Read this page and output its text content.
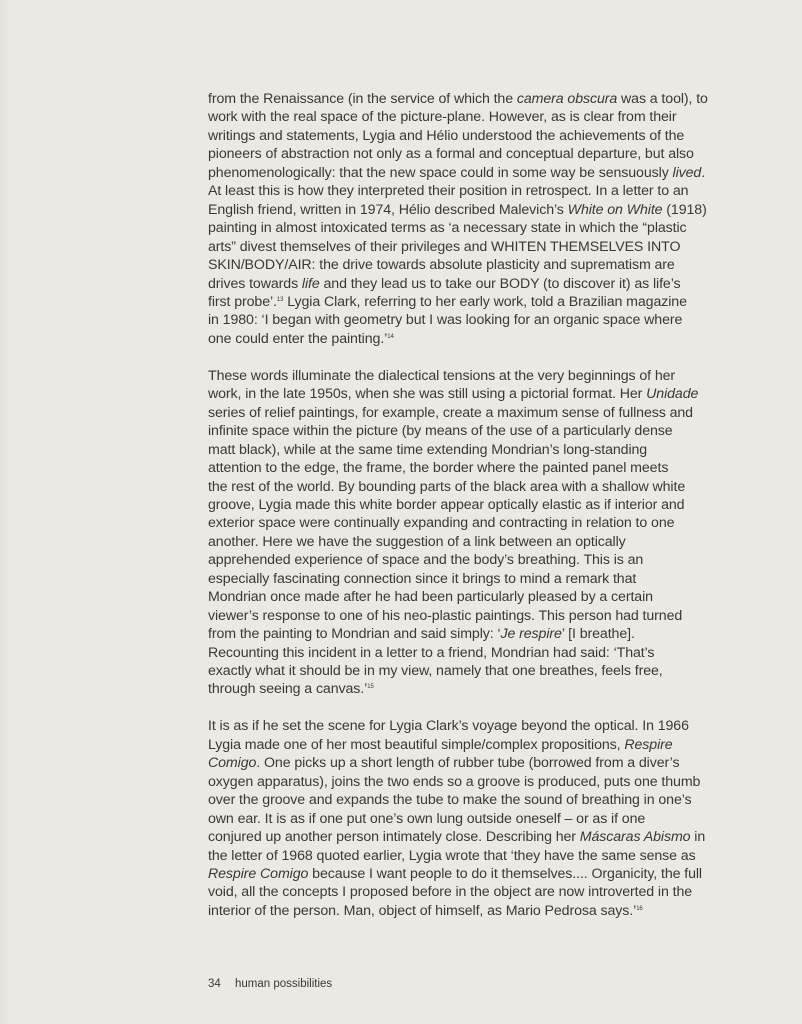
from the Renaissance (in the service of which the camera obscura was a tool), to
work with the real space of the picture-plane. However, as is clear from their
writings and statements, Lygia and Hélio understood the achievements of the
pioneers of abstraction not only as a formal and conceptual departure, but also
phenomenologically: that the new space could in some way be sensuously lived.
At least this is how they interpreted their position in retrospect. In a letter to an
English friend, written in 1974, Hélio described Malevich’s White on White (1918)
painting in almost intoxicated terms as ‘a necessary state in which the “plastic
arts” divest themselves of their privileges and WHITEN THEMSELVES INTO
SKIN/BODY/AIR: the drive towards absolute plasticity and suprematism are
drives towards life and they lead us to take our BODY (to discover it) as life’s
first probe’.$^{13}$ Lygia Clark, referring to her early work, told a Brazilian magazine
in 1980: ‘I began with geometry but I was looking for an organic space where
one could enter the painting.’$^{14}$

These words illuminate the dialectical tensions at the very beginnings of her
work, in the late 1950s, when she was still using a pictorial format. Her Unidade
series of relief paintings, for example, create a maximum sense of fullness and
infinite space within the picture (by means of the use of a particularly dense
matt black), while at the same time extending Mondrian’s long-standing
attention to the edge, the frame, the border where the painted panel meets
the rest of the world. By bounding parts of the black area with a shallow white
groove, Lygia made this white border appear optically elastic as if interior and
exterior space were continually expanding and contracting in relation to one
another. Here we have the suggestion of a link between an optically
apprehended experience of space and the body’s breathing. This is an
especially fascinating connection since it brings to mind a remark that
Mondrian once made after he had been particularly pleased by a certain
viewer’s response to one of his neo-plastic paintings. This person had turned
from the painting to Mondrian and said simply: ‘Je respire’ [I breathe].
Recounting this incident in a letter to a friend, Mondrian had said: ‘That’s
exactly what it should be in my view, namely that one breathes, feels free,
through seeing a canvas.’$^{15}$

It is as if he set the scene for Lygia Clark’s voyage beyond the optical. In 1966
Lygia made one of her most beautiful simple/complex propositions, Respire
Comigo. One picks up a short length of rubber tube (borrowed from a diver’s
oxygen apparatus), joins the two ends so a groove is produced, puts one thumb
over the groove and expands the tube to make the sound of breathing in one’s
own ear. It is as if one put one’s own lung outside oneself – or as if one
conjured up another person intimately close. Describing her Máscaras Abismo in
the letter of 1968 quoted earlier, Lygia wrote that ‘they have the same sense as
Respire Comigo because I want people to do it themselves.... Organicity, the full
void, all the concepts I proposed before in the object are now introverted in the
interior of the person. Man, object of himself, as Mario Pedrosa says.’$^{16}$

34 human possibilities
